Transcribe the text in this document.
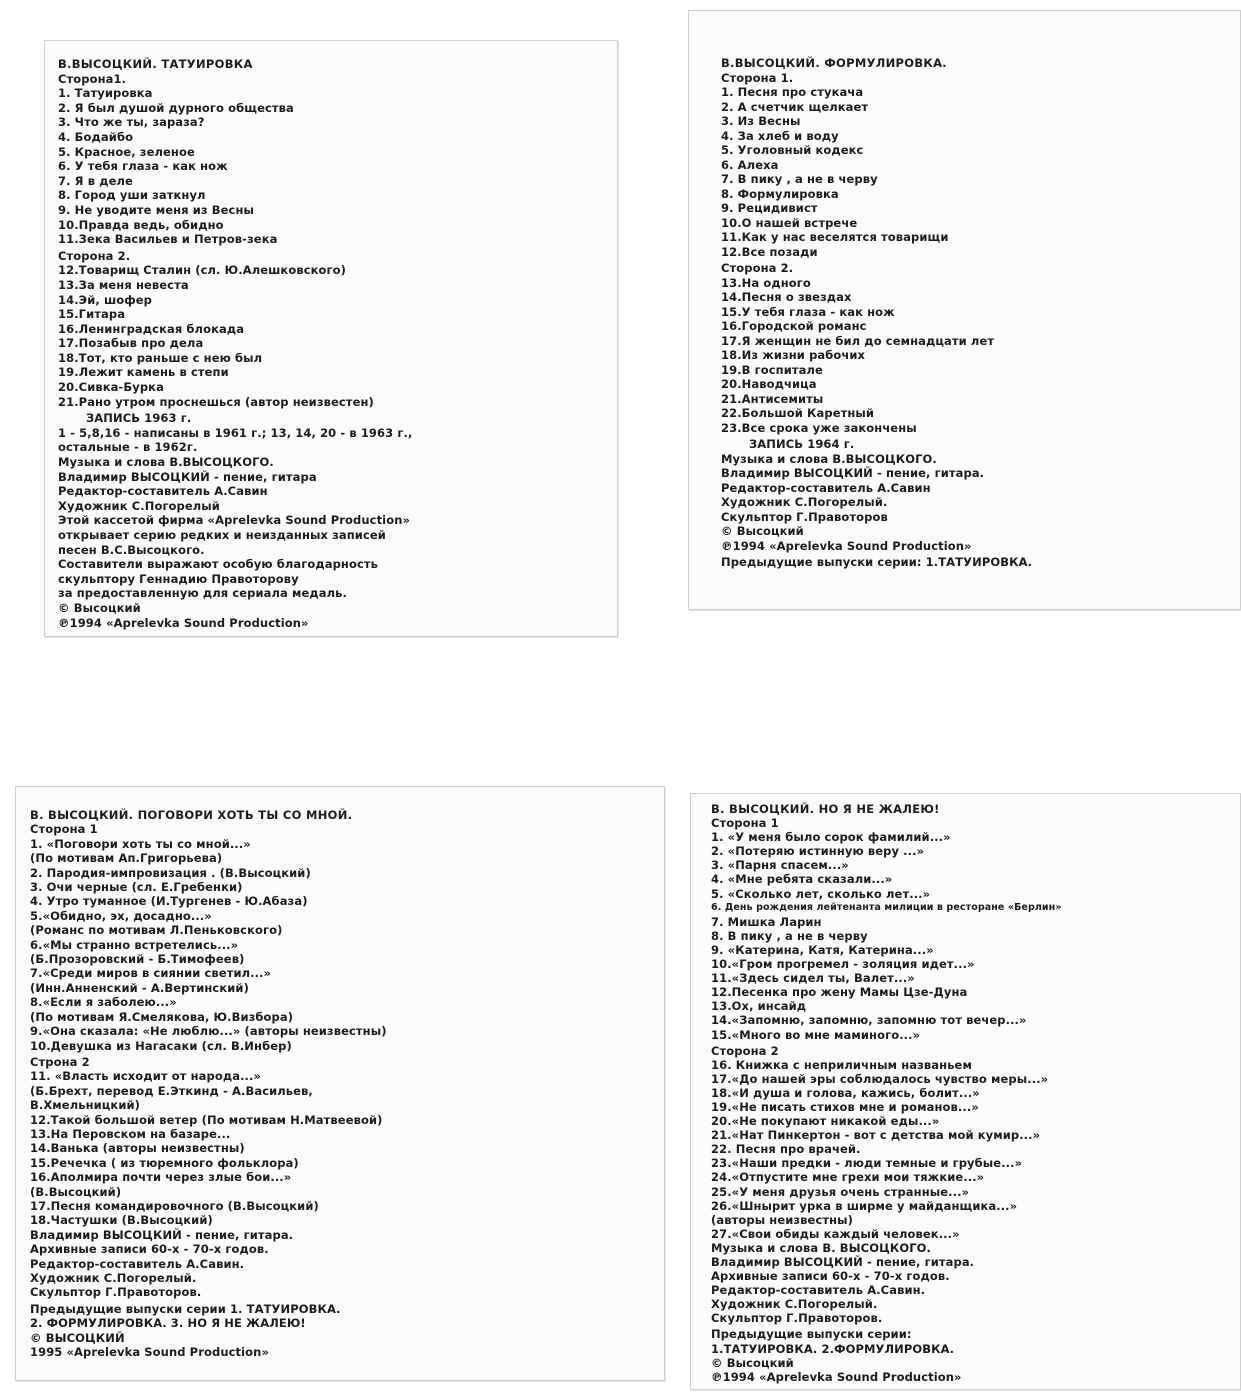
В.ВЫСОЦКИЙ. ТАТУИРОВКА
Сторона1.
1. Татуировка
2. Я был душой дурного общества
3. Что же ты, зараза?
4. Бодайбо
5. Красное, зеленое
6. У тебя глаза - как нож
7. Я в деле
8. Город уши заткнул
9. Не уводите меня из Весны
10.Правда ведь, обидно
11.Зека Васильев и Петров-зека
Сторона 2.
12.Товарищ Сталин (сл. Ю.Алешковского)
13.За меня невеста
14.Эй, шофер
15.Гитара
16.Ленинградская блокада
17.Позабыв про дела
18.Тот, кто раньше с нею был
19.Лежит камень в степи
20.Сивка-Бурка
21.Рано утром проснешься (автор неизвестен)
ЗАПИСЬ 1963 г.
1 - 5,8,16 - написаны в 1961 г.; 13, 14, 20 - в 1963 г.,
остальные - в 1962г.
Музыка и слова В.ВЫСОЦКОГО.
Владимир ВЫСОЦКИЙ - пение, гитара
Редактор-составитель А.Савин
Художник С.Погорелый
Этой кассетой фирма «Aprelevka Sound Production»
открывает серию редких и неизданных записей
песен В.С.Высоцкого.
Составители выражают особую благодарность
скульптору Геннадию Правоторову
за предоставленную для сериала медаль.
© Высоцкий
℗1994 «Aprelevka Sound Production»
В.ВЫСОЦКИЙ. ФОРМУЛИРОВКА.
Сторона 1.
1. Песня про стукача
2. А счетчик щелкает
3. Из Весны
4. За хлеб и воду
5. Уголовный кодекс
6. Алеха
7. В пику , а не в черву
8. Формулировка
9. Рецидивист
10.О нашей встрече
11.Как у нас веселятся товарищи
12.Все позади
Сторона 2.
13.На одного
14.Песня о звездах
15.У тебя глаза - как нож
16.Городской романс
17.Я женщин не бил до семнадцати лет
18.Из жизни рабочих
19.В госпитале
20.Наводчица
21.Антисемиты
22.Большой Каретный
23.Все срока уже закончены
ЗАПИСЬ 1964 г.
Музыка и слова В.ВЫСОЦКОГО.
Владимир ВЫСОЦКИЙ - пение, гитара.
Редактор-составитель А.Савин
Художник С.Погорелый.
Скульптор Г.Правоторов
© Высоцкий
℗1994 «Aprelevka Sound Production»
Предыдущие выпуски серии: 1.ТАТУИРОВКА.
В. ВЫСОЦКИЙ. ПОГОВОРИ ХОТЬ ТЫ СО МНОЙ.
Сторона 1
1. «Поговори хоть ты со мной...»
(По мотивам Ап.Григорьева)
2. Пародия-импровизация . (В.Высоцкий)
3. Очи черные (сл. Е.Гребенки)
4. Утро туманное (И.Тургенев - Ю.Абаза)
5.«Обидно, эх, досадно...»
(Романс по мотивам Л.Пеньковского)
6.«Мы странно встретелись...»
(Б.Прозоровский - Б.Тимофеев)
7.«Среди миров в сиянии светил...»
(Инн.Анненский - А.Вертинский)
8.«Если я заболею...»
(По мотивам Я.Смелякова, Ю.Визбора)
9.«Она сказала: «Не люблю...» (авторы неизвестны)
10.Девушка из Нагасаки (сл. В.Инбер)
Строна 2
11. «Власть исходит от народа...»
(Б.Брехт, перевод Е.Эткинд - А.Васильев,
В.Хмельницкий)
12.Такой большой ветер (По мотивам Н.Матвеевой)
13.На Перовском на базаре...
14.Ванька (авторы неизвестны)
15.Речечка ( из тюремного фольклора)
16.Аполмира почти через злые бои...»
(В.Высоцкий)
17.Песня командировочного (В.Высоцкий)
18.Частушки (В.Высоцкий)
Владимир ВЫСОЦКИЙ - пение, гитара.
Архивные записи 60-х - 70-х годов.
Редактор-составитель А.Савин.
Художник С.Погорелый.
Скульптор Г.Правоторов.
Предыдущие выпуски серии 1. ТАТУИРОВКА.
2. ФОРМУЛИРОВКА. 3. НО Я НЕ ЖАЛЕЮ!
© ВЫСОЦКИЙ
1995 «Aprelevka Sound Production»
В. ВЫСОЦКИЙ. НО Я НЕ ЖАЛЕЮ!
Сторона 1
1. «У меня было сорок фамилий...»
2. «Потеряю истинную веру ...»
3. «Парня спасем...»
4. «Мне ребята сказали...»
5. «Сколько лет, сколько лет...»
6. День рождения лейтенанта милиции в ресторане «Берлин»
7. Мишка Ларин
8. В пику , а не в черву
9. «Катерина, Катя, Катерина...»
10.«Гром прогремел - золяция идет...»
11.«Здесь сидел ты, Валет...»
12.Песенка про жену Мамы Цзе-Дуна
13.Ох, инсайд
14.«Запомню, запомню, запомню тот вечер...»
15.«Много во мне маминого...»
Сторона 2
16. Книжка с неприличным названьем
17.«До нашей эры соблюдалось чувство меры...»
18.«И душа и голова, кажись, болит...»
19.«Не писать стихов мне и романов...»
20.«Не покупают никакой еды...»
21.«Нат Пинкертон - вот с детства мой кумир...»
22. Песня про врачей.
23.«Наши предки - люди темные и грубые...»
24.«Отпустите мне грехи мои тяжкие...»
25.«У меня друзья очень странные...»
26.«Шнырит урка в ширме у майданщика...»
(авторы неизвестны)
27.«Свои обиды каждый человек...»
Музыка и слова В. ВЫСОЦКОГО.
Владимир ВЫСОЦКИЙ - пение, гитара.
Архивные записи 60-х - 70-х годов.
Редактор-составитель А.Савин.
Художник С.Погорелый.
Скульптор Г.Правоторов.
Предыдущие выпуски серии:
1.ТАТУИРОВКА. 2.ФОРМУЛИРОВКА.
© Высоцкий
℗1994 «Aprelevka Sound Production»
